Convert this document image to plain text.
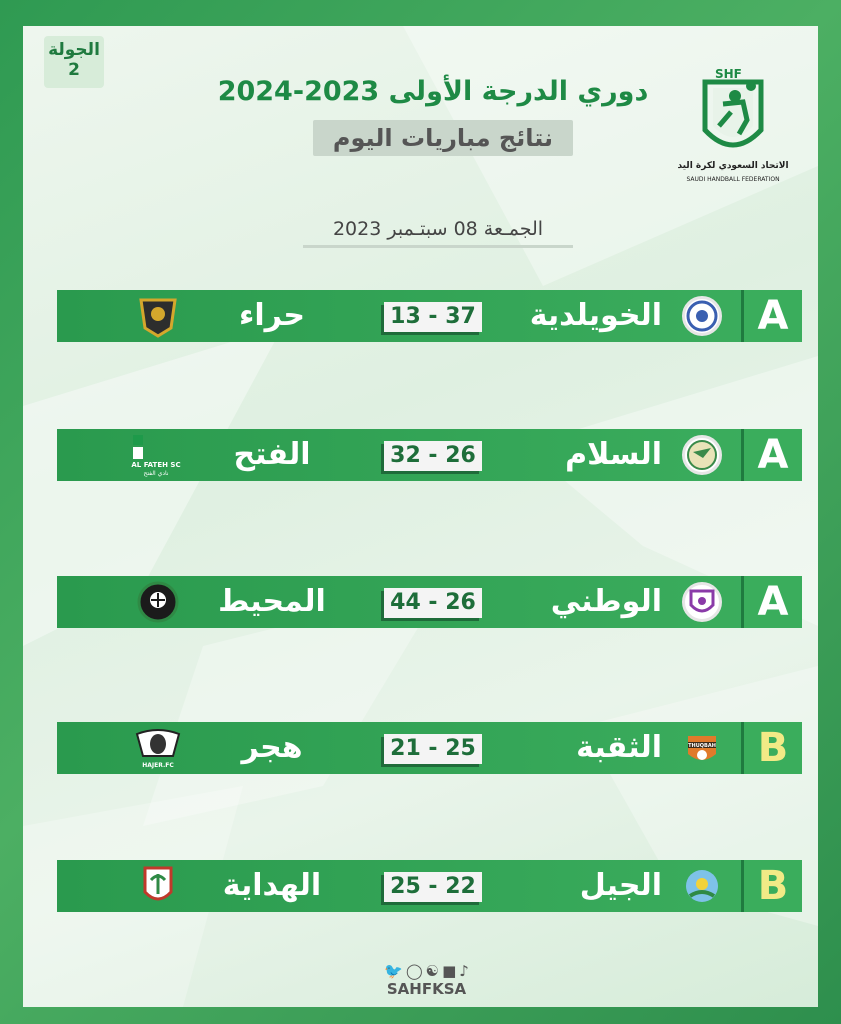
الجولة
2
دوري الدرجة الأولى 2023-2024
نتائج مباريات اليوم
الجمـعة 08 سبتـمبر 2023
SHF
الاتحاد السعودي لكرة اليد
SAUDI HANDBALL FEDERATION
🐦 ◯ ☯ ■ ♪ SAHFKSA
A
الخويلدية
13 - 37
حراء
A
السلام
32 - 26
الفتح
AL FATEH SC
نادي الفتح
A
الوطني
44 - 26
المحيط
B
THUQBAH
الثقبة
21 - 25
هجر
HAJER.FC
B
الجيل
25 - 22
الهداية
